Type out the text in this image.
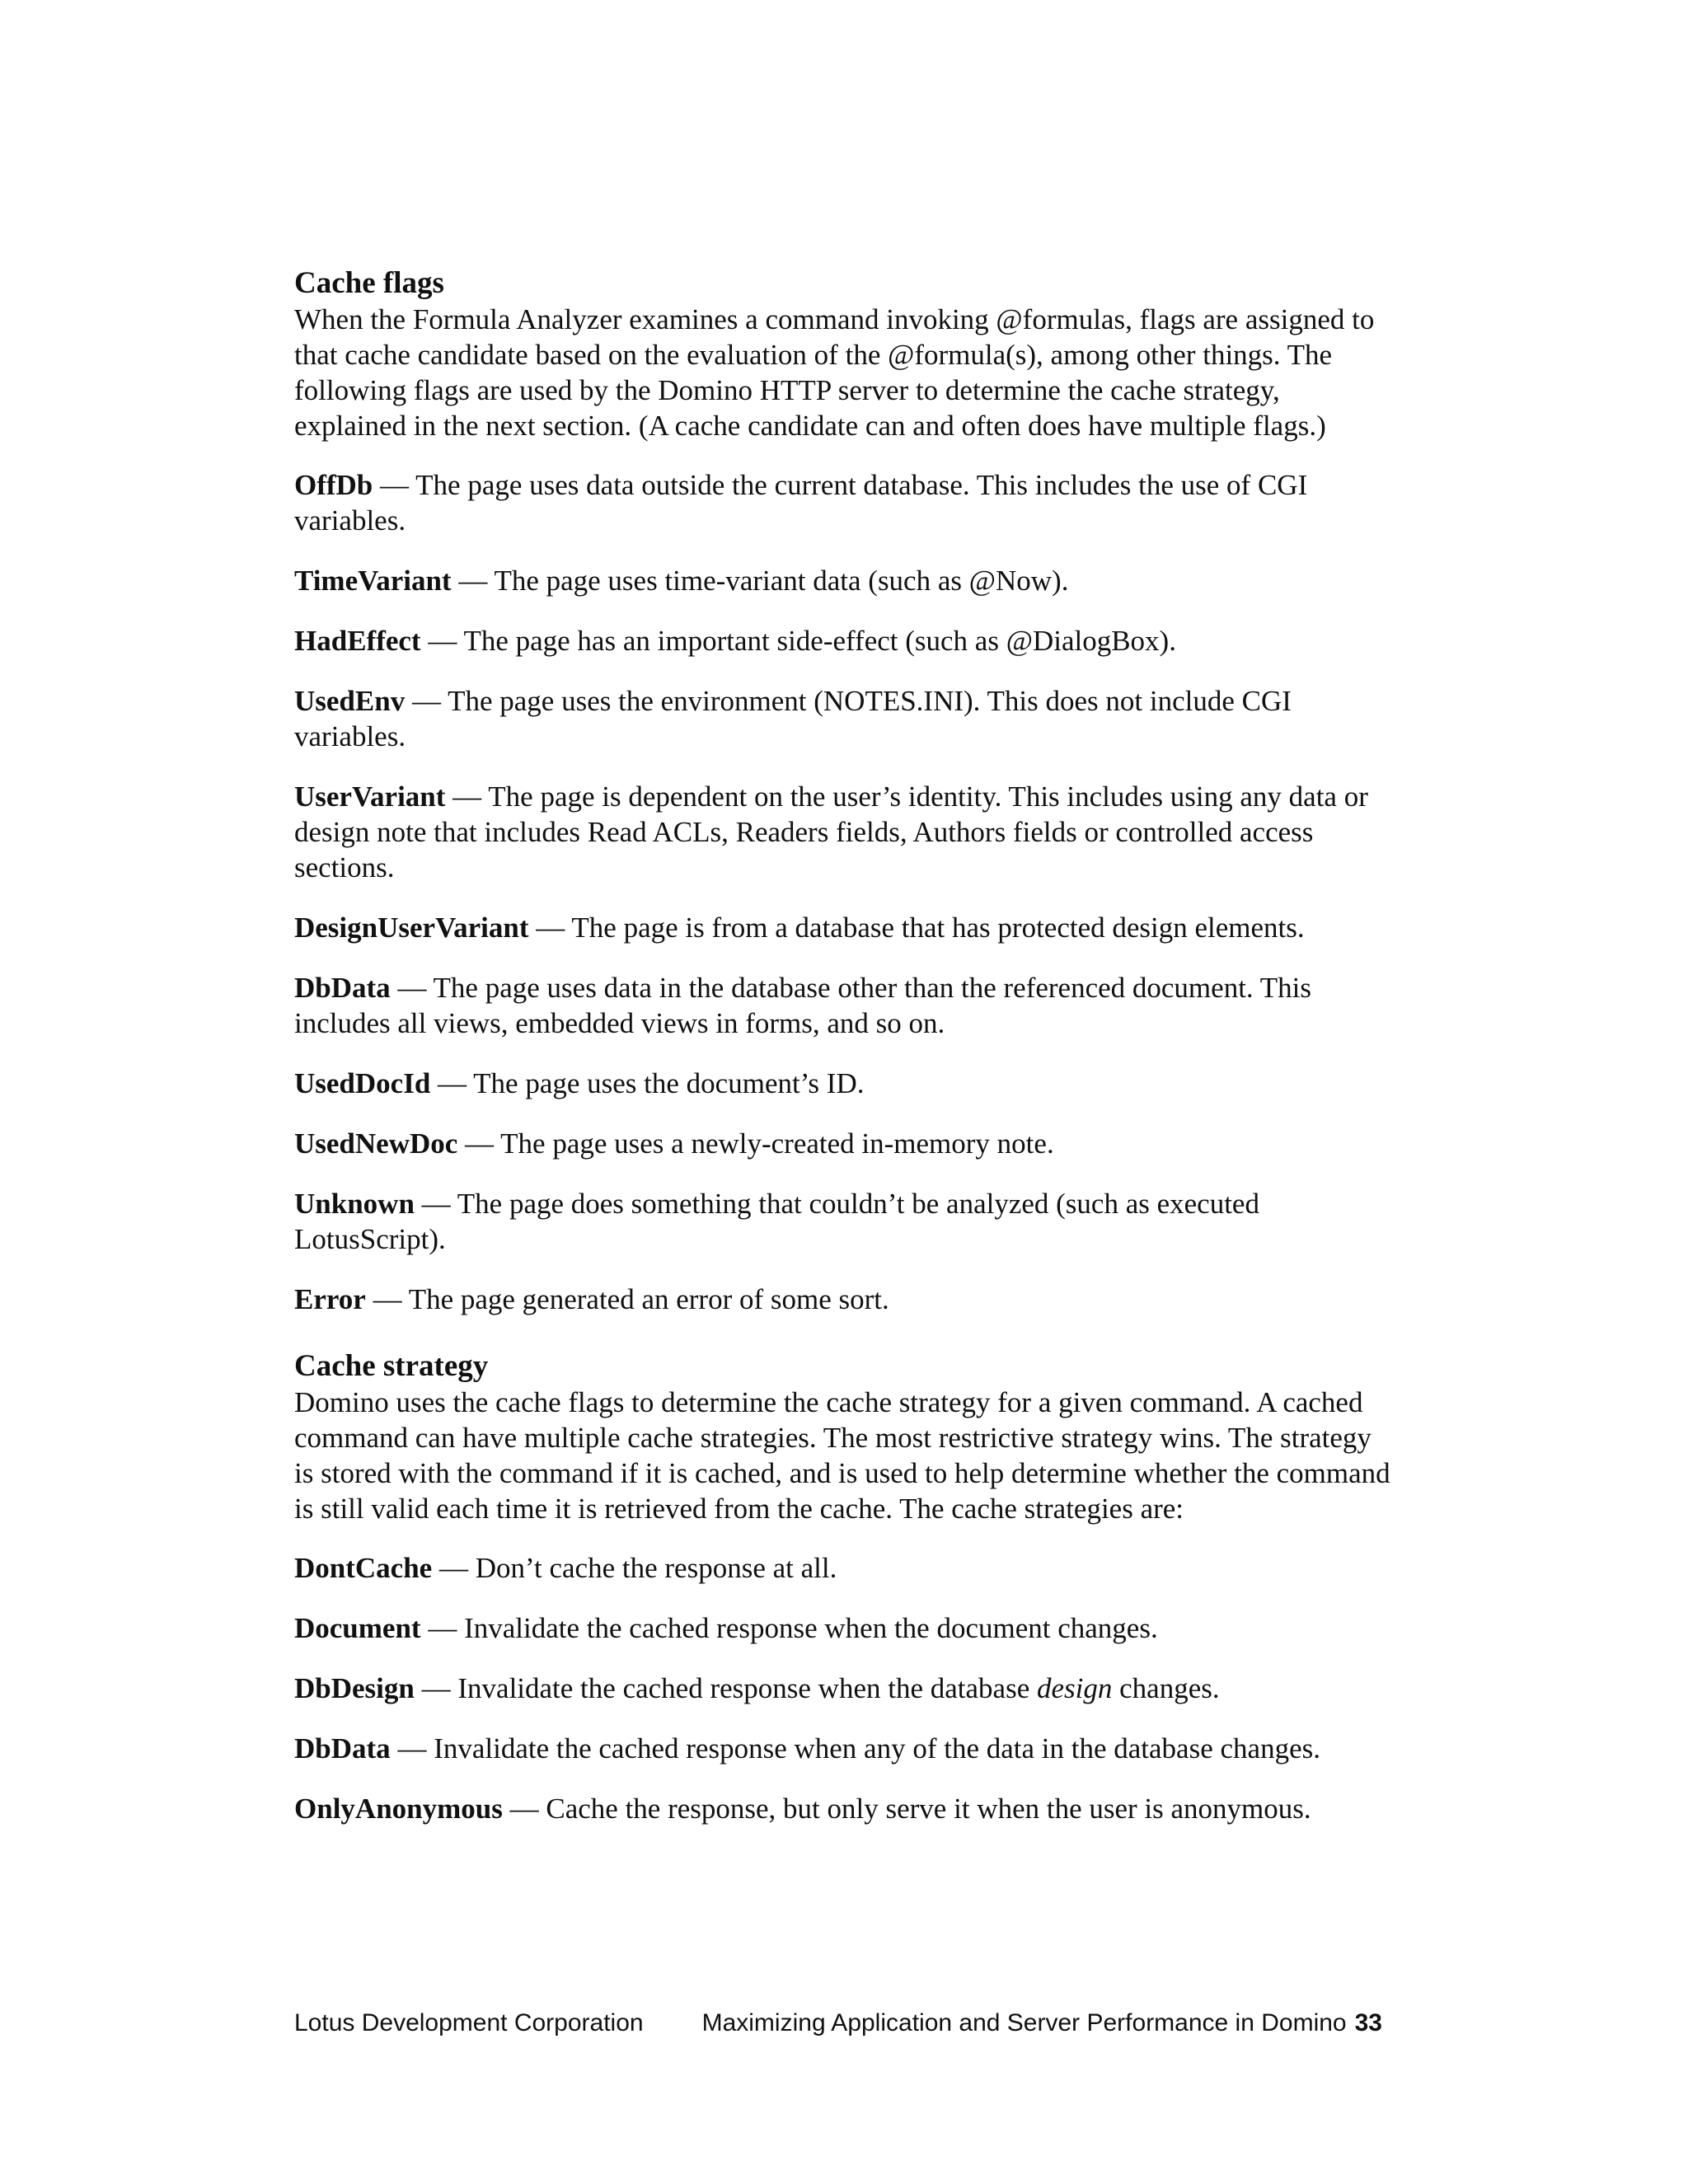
Cache flags

When the Formula Analyzer examines a command invoking @formulas, flags are assigned to that cache candidate based on the evaluation of the @formula(s), among other things. The following flags are used by the Domino HTTP server to determine the cache strategy, explained in the next section. (A cache candidate can and often does have multiple flags.)

OffDb — The page uses data outside the current database. This includes the use of CGI variables.

TimeVariant — The page uses time-variant data (such as @Now).

HadEffect — The page has an important side-effect (such as @DialogBox).

UsedEnv — The page uses the environment (NOTES.INI). This does not include CGI variables.

UserVariant — The page is dependent on the user’s identity. This includes using any data or design note that includes Read ACLs, Readers fields, Authors fields or controlled access sections.

DesignUserVariant — The page is from a database that has protected design elements.

DbData — The page uses data in the database other than the referenced document. This includes all views, embedded views in forms, and so on.

UsedDocId — The page uses the document’s ID.

UsedNewDoc — The page uses a newly-created in-memory note.

Unknown — The page does something that couldn’t be analyzed (such as executed LotusScript).

Error — The page generated an error of some sort.

Cache strategy

Domino uses the cache flags to determine the cache strategy for a given command. A cached command can have multiple cache strategies. The most restrictive strategy wins. The strategy is stored with the command if it is cached, and is used to help determine whether the command is still valid each time it is retrieved from the cache. The cache strategies are:

DontCache — Don’t cache the response at all.

Document — Invalidate the cached response when the document changes.

DbDesign — Invalidate the cached response when the database design changes.

DbData — Invalidate the cached response when any of the data in the database changes.

OnlyAnonymous — Cache the response, but only serve it when the user is anonymous.

Lotus Development Corporation Maximizing Application and Server Performance in Domino 33
